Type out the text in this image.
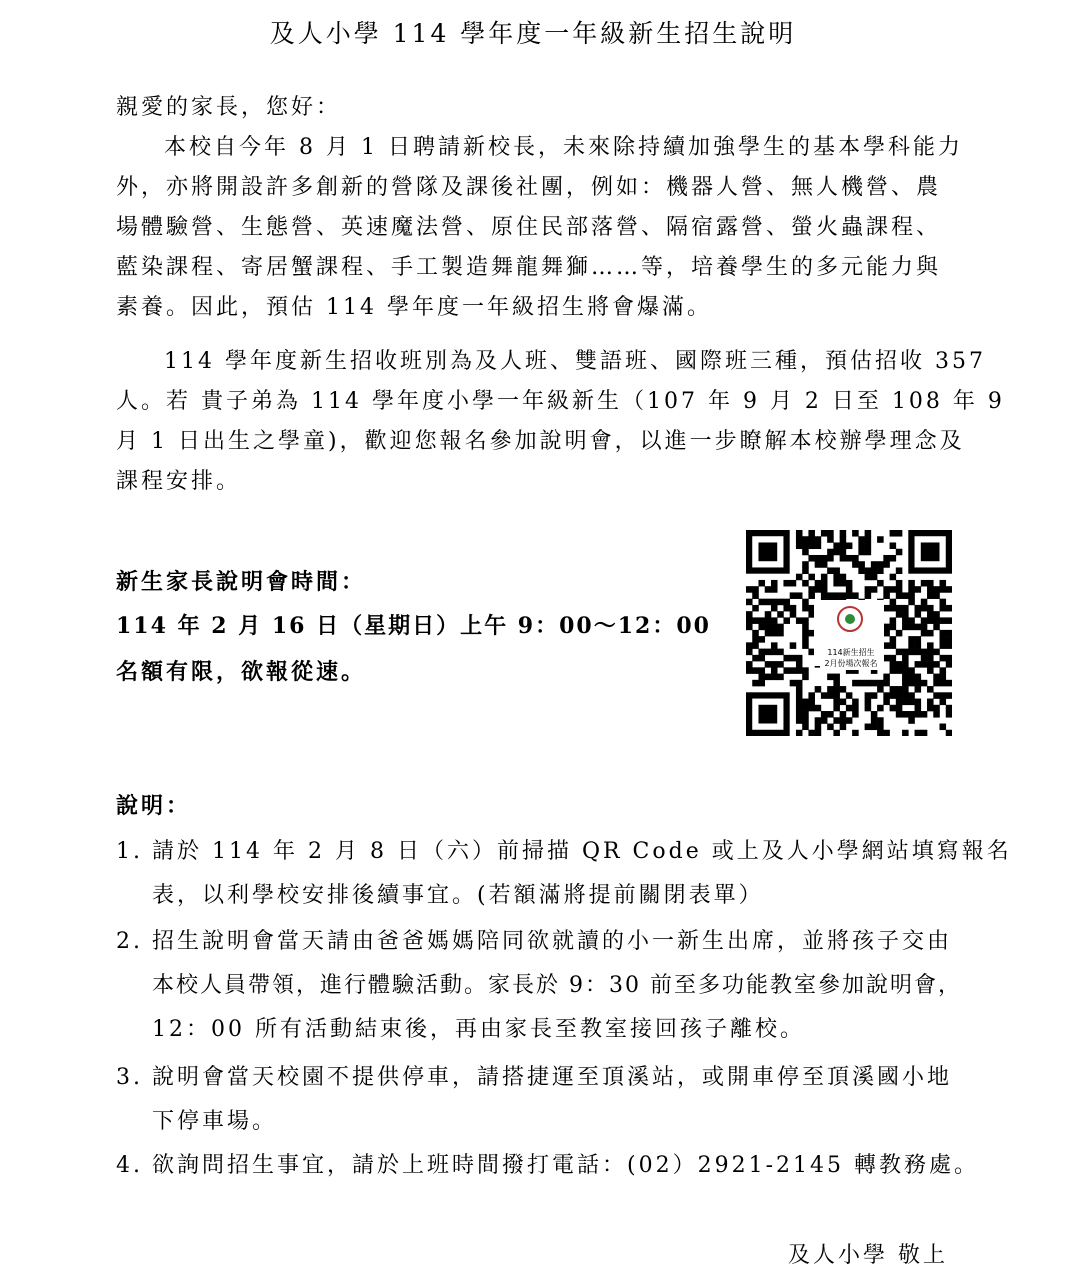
及人小學 114 學年度一年級新生招生說明
親愛的家長，您好：
本校自今年 8 月 1 日聘請新校長，未來除持續加強學生的基本學科能力
外，亦將開設許多創新的營隊及課後社團，例如：機器人營、無人機營、農
場體驗營、生態營、英速魔法營、原住民部落營、隔宿露營、螢火蟲課程、
藍染課程、寄居蟹課程、手工製造舞龍舞獅……等，培養學生的多元能力與
素養。因此，預估 114 學年度一年級招生將會爆滿。
114 學年度新生招收班別為及人班、雙語班、國際班三種，預估招收 357
人。若 貴子弟為 114 學年度小學一年級新生（107 年 9 月 2 日至 108 年 9
月 1 日出生之學童)，歡迎您報名參加說明會，以進一步瞭解本校辦學理念及
課程安排。
新生家長說明會時間：
114 年 2 月 16 日（星期日）上午 9：00～12：00
名額有限，欲報從速。
114新生招生
2月份場次報名
說明：
1. 請於 114 年 2 月 8 日（六）前掃描 QR Code 或上及人小學網站填寫報名
表，以利學校安排後續事宜。(若額滿將提前關閉表單）
2. 招生說明會當天請由爸爸媽媽陪同欲就讀的小一新生出席，並將孩子交由
本校人員帶領，進行體驗活動。家長於 9：30 前至多功能教室參加說明會，
12：00 所有活動結束後，再由家長至教室接回孩子離校。
3. 說明會當天校園不提供停車，請搭捷運至頂溪站，或開車停至頂溪國小地
下停車場。
4. 欲詢問招生事宜，請於上班時間撥打電話：(02）2921-2145 轉教務處。
及人小學 敬上
